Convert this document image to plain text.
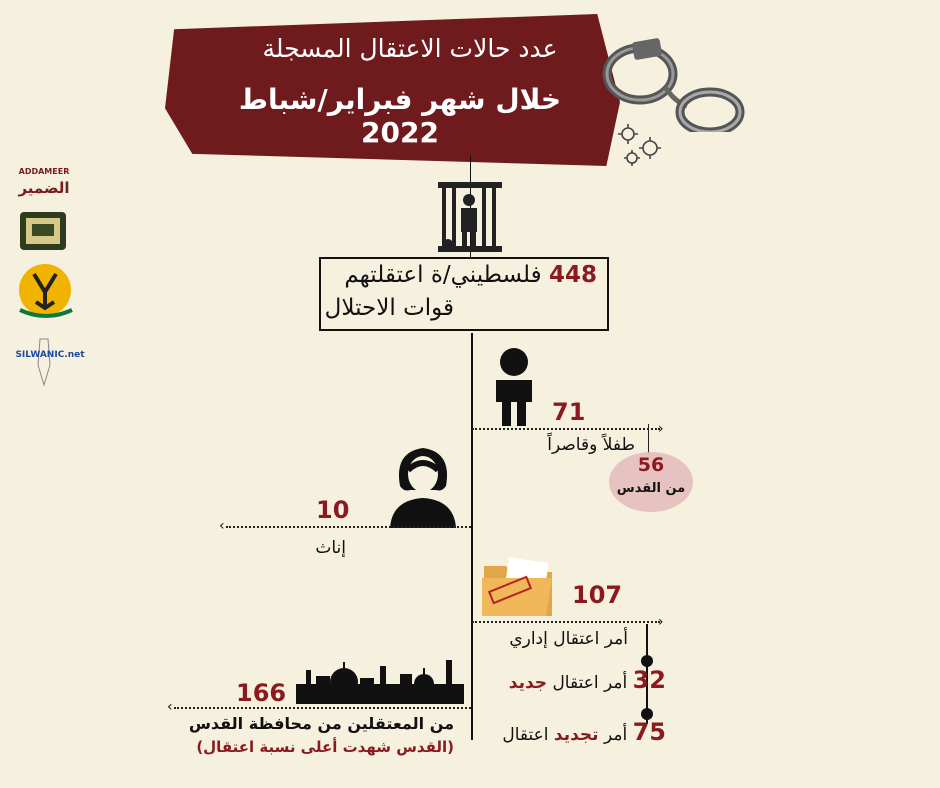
عدد حالات الاعتقال المسجلة
خلال شهر فبراير/شباط 2022
ADDAMEER
الضمير
SILWANIC.net
448 فلسطيني/ة اعتقلتهم
قوات الاحتلال
71
›
طفلاً وقاصراً
56
من القدس
10
‹
إناث
107
›
أمر اعتقال إداري
32 أمر اعتقال جديد
75 أمر تجديد اعتقال
166
‹
من المعتقلين من محافظة القدس
(القدس شهدت أعلى نسبة اعتقال)
